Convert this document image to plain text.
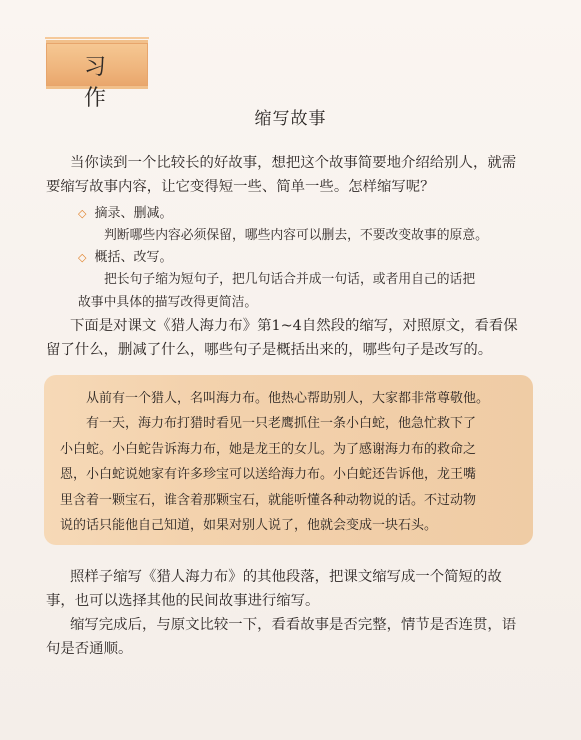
习 作
缩写故事
当你读到一个比较长的好故事，想把这个故事简要地介绍给别人，就需
要缩写故事内容，让它变得短一些、简单一些。怎样缩写呢？
◇ 摘录、删减。
判断哪些内容必须保留，哪些内容可以删去，不要改变故事的原意。
◇ 概括、改写。
把长句子缩为短句子，把几句话合并成一句话，或者用自己的话把
故事中具体的描写改得更简洁。
下面是对课文《猎人海力布》第1~4自然段的缩写，对照原文，看看保
留了什么，删减了什么，哪些句子是概括出来的，哪些句子是改写的。
从前有一个猎人，名叫海力布。他热心帮助别人，大家都非常尊敬他。
有一天，海力布打猎时看见一只老鹰抓住一条小白蛇，他急忙救下了
小白蛇。小白蛇告诉海力布，她是龙王的女儿。为了感谢海力布的救命之
恩，小白蛇说她家有许多珍宝可以送给海力布。小白蛇还告诉他，龙王嘴
里含着一颗宝石，谁含着那颗宝石，就能听懂各种动物说的话。不过动物
说的话只能他自己知道，如果对别人说了，他就会变成一块石头。
照样子缩写《猎人海力布》的其他段落，把课文缩写成一个简短的故
事，也可以选择其他的民间故事进行缩写。
缩写完成后，与原文比较一下，看看故事是否完整，情节是否连贯，语
句是否通顺。
